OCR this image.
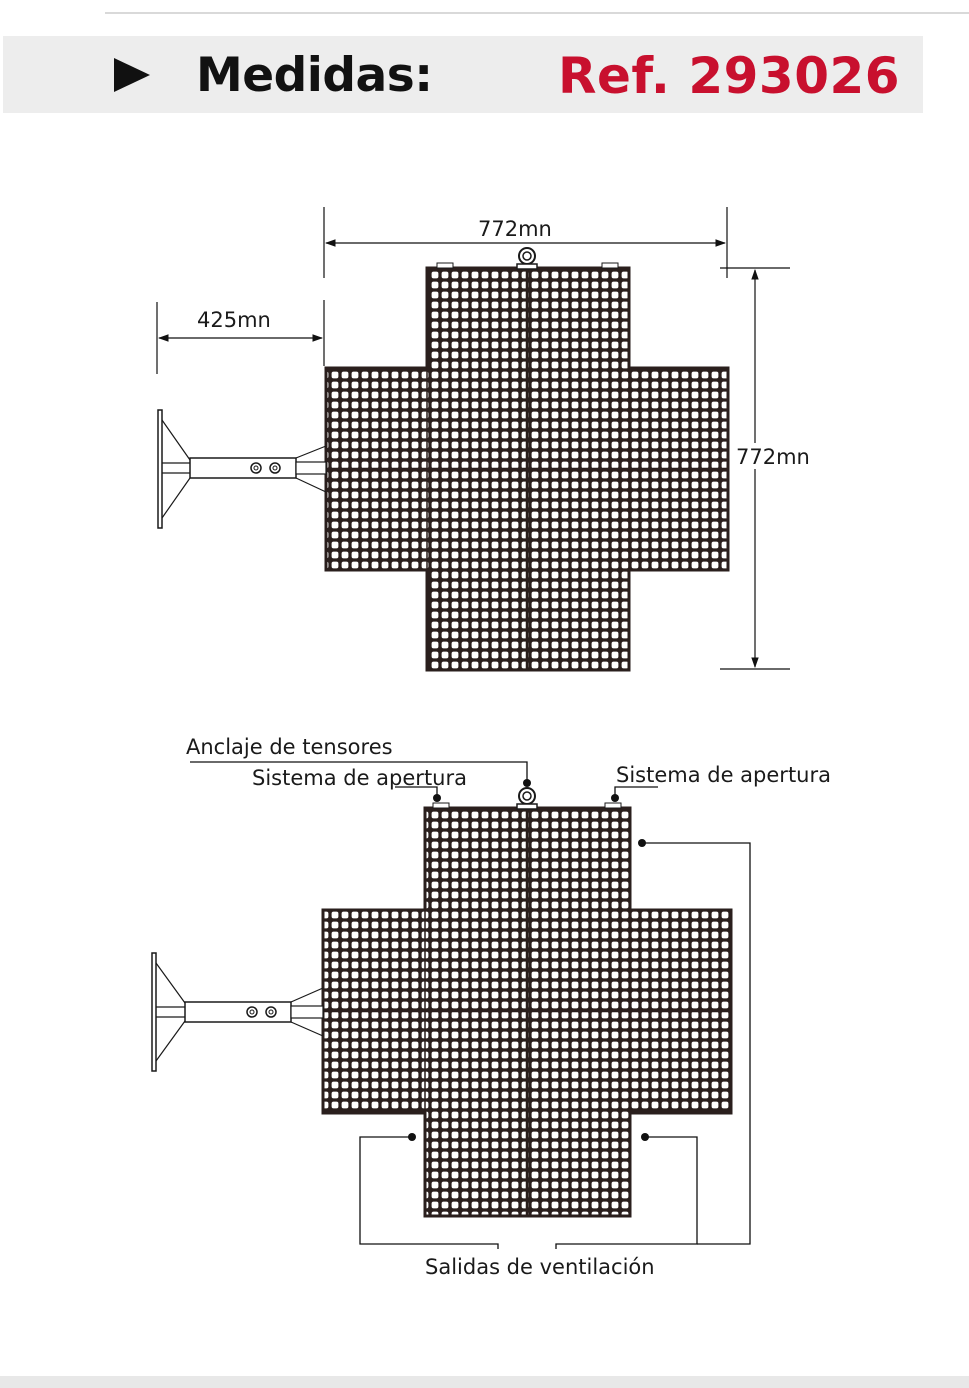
Medidas:	Ref. 293026
772mn
425mn
772mn
Anclaje de tensores
Sistema de apertura	Sistema de apertura
Salidas de ventilación
